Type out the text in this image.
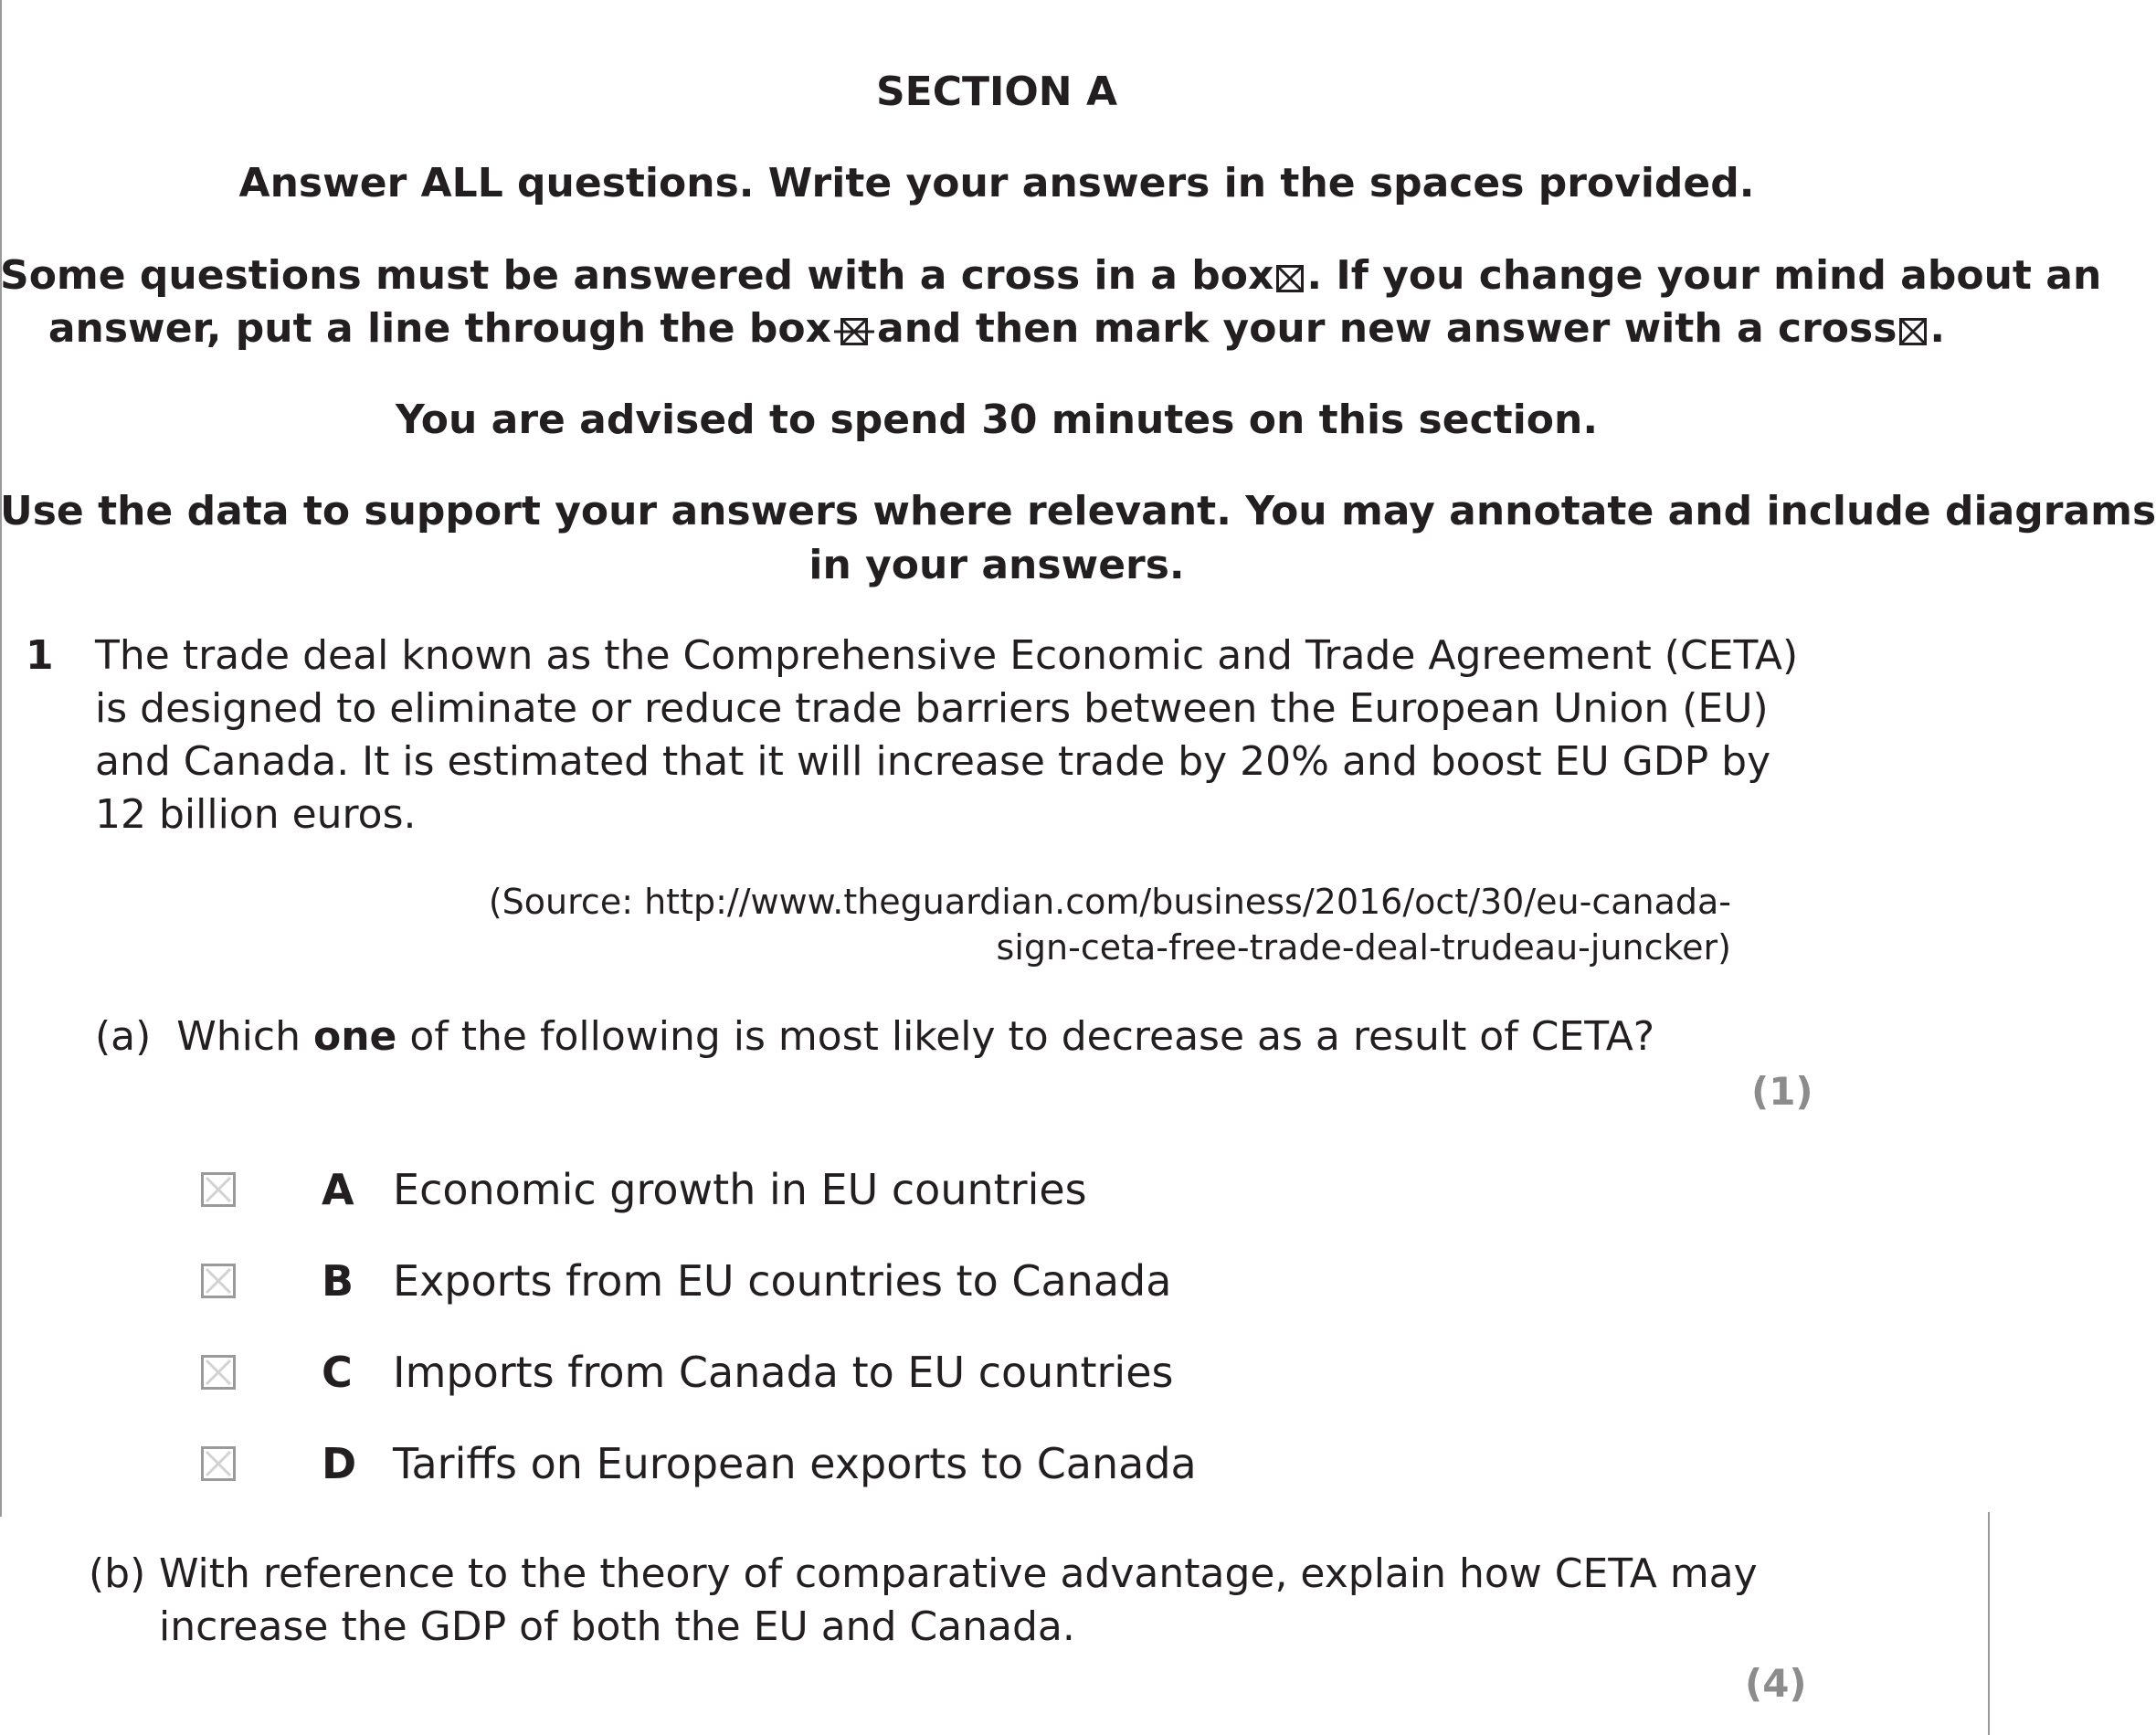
SECTION A
Answer ALL questions. Write your answers in the spaces provided.
Some questions must be answered with a cross in a box ☒ . If you change your mind about an
answer, put a line through the box and then mark your new answer with a cross ☒ .
You are advised to spend 30 minutes on this section.
Use the data to support your answers where relevant. You may annotate and include diagrams
in your answers.
1 The trade deal known as the Comprehensive Economic and Trade Agreement (CETA)
is designed to eliminate or reduce trade barriers between the European Union (EU)
and Canada. It is estimated that it will increase trade by 20% and boost EU GDP by
12 billion euros.
(Source: http://www.theguardian.com/business/2016/oct/30/eu-canada-
sign-ceta-free-trade-deal-trudeau-juncker)
(a) Which one of the following is most likely to decrease as a result of CETA?
(1)
A Economic growth in EU countries
B Exports from EU countries to Canada
C Imports from Canada to EU countries
D Tariffs on European exports to Canada
(b) With reference to the theory of comparative advantage, explain how CETA may
increase the GDP of both the EU and Canada.
(4)
